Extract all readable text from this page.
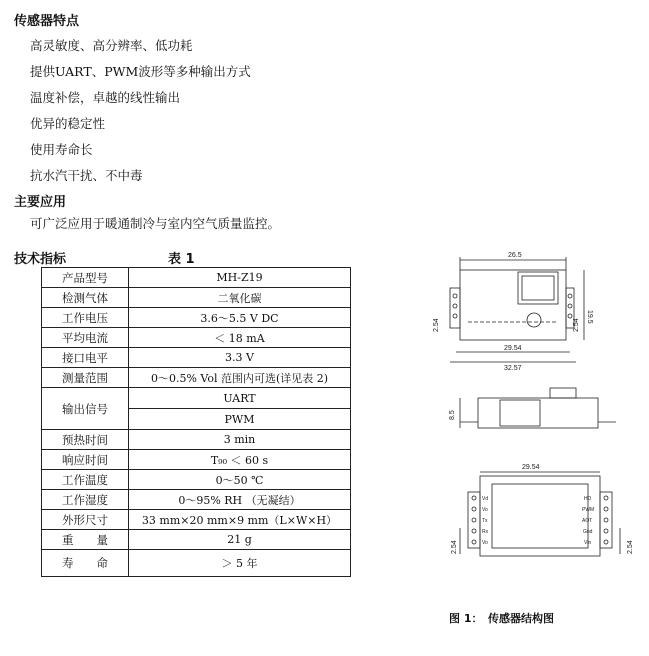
传感器特点
高灵敏度、高分辨率、低功耗
提供UART、PWM波形等多种输出方式
温度补偿，卓越的线性输出
优异的稳定性
使用寿命长
抗水汽干扰、不中毒
主要应用
可广泛应用于暖通制冷与室内空气质量监控。
技术指标	表 1
产品型号	MH-Z19
检测气体	二氧化碳
工作电压	3.6～5.5 V DC
平均电流	＜ 18 mA
接口电平	3.3 V
测量范围	0～0.5% Vol 范围内可选(详见表 2)
输出信号	UART
	PWM
预热时间	3 min
响应时间	T₉₀ ＜ 60 s
工作温度	0～50 ℃
工作湿度	0～95% RH （无凝结）
外形尺寸	33 mm×20 mm×9 mm（L×W×H）
重　　量	21 g
寿　　命	＞ 5 年
26.5
19.5
2.54	2.54
29.54
32.57
8.5
29.54
2.54	2.54
Vd
Vo
Tx
Rx
Vo
HD
PWM
AOT
Gnd
Vin
图 1：　传感器结构图
